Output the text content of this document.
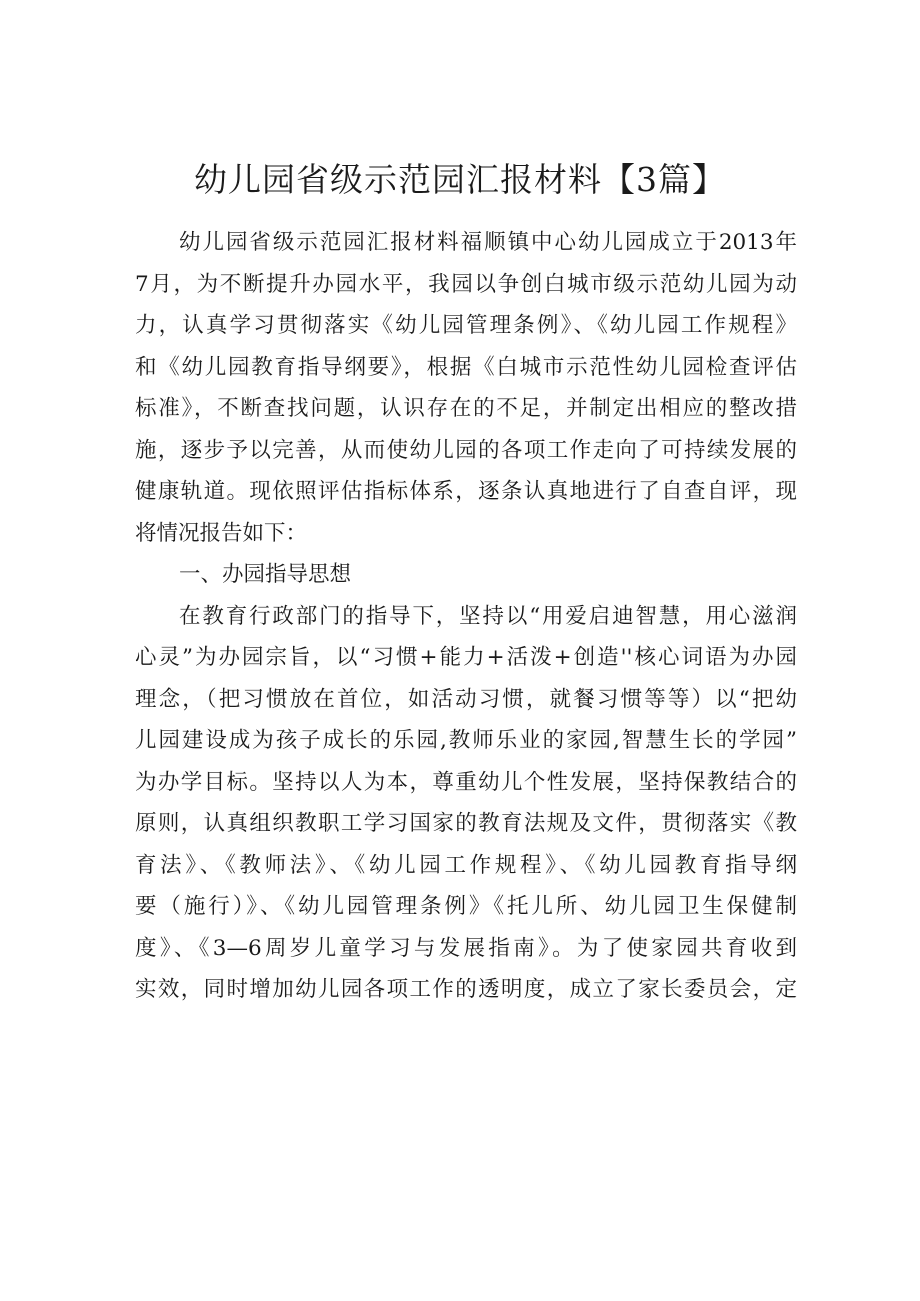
幼儿园省级示范园汇报材料【3篇】
幼儿园省级示范园汇报材料福顺镇中心幼儿园成立于2013年
7月，为不断提升办园水平，我园以争创白城市级示范幼儿园为动
力，认真学习贯彻落实《幼儿园管理条例》、《幼儿园工作规程》
和《幼儿园教育指导纲要》，根据《白城市示范性幼儿园检查评估
标准》，不断查找问题，认识存在的不足，并制定出相应的整改措
施，逐步予以完善，从而使幼儿园的各项工作走向了可持续发展的
健康轨道。现依照评估指标体系，逐条认真地进行了自查自评，现
将情况报告如下：
一、办园指导思想
在教育行政部门的指导下，坚持以“用爱启迪智慧，用心滋润
心灵”为办园宗旨，以“习惯+能力+活泼+创造''核心词语为办园
理念，（把习惯放在首位，如活动习惯，就餐习惯等等）以“把幼
儿园建设成为孩子成长的乐园,教师乐业的家园,智慧生长的学园”
为办学目标。坚持以人为本，尊重幼儿个性发展，坚持保教结合的
原则，认真组织教职工学习国家的教育法规及文件，贯彻落实《教
育法》、《教师法》、《幼儿园工作规程》、《幼儿园教育指导纲
要（施行）》、《幼儿园管理条例》《托儿所、幼儿园卫生保健制
度》、《3—6周岁儿童学习与发展指南》。为了使家园共育收到
实效，同时增加幼儿园各项工作的透明度，成立了家长委员会，定
